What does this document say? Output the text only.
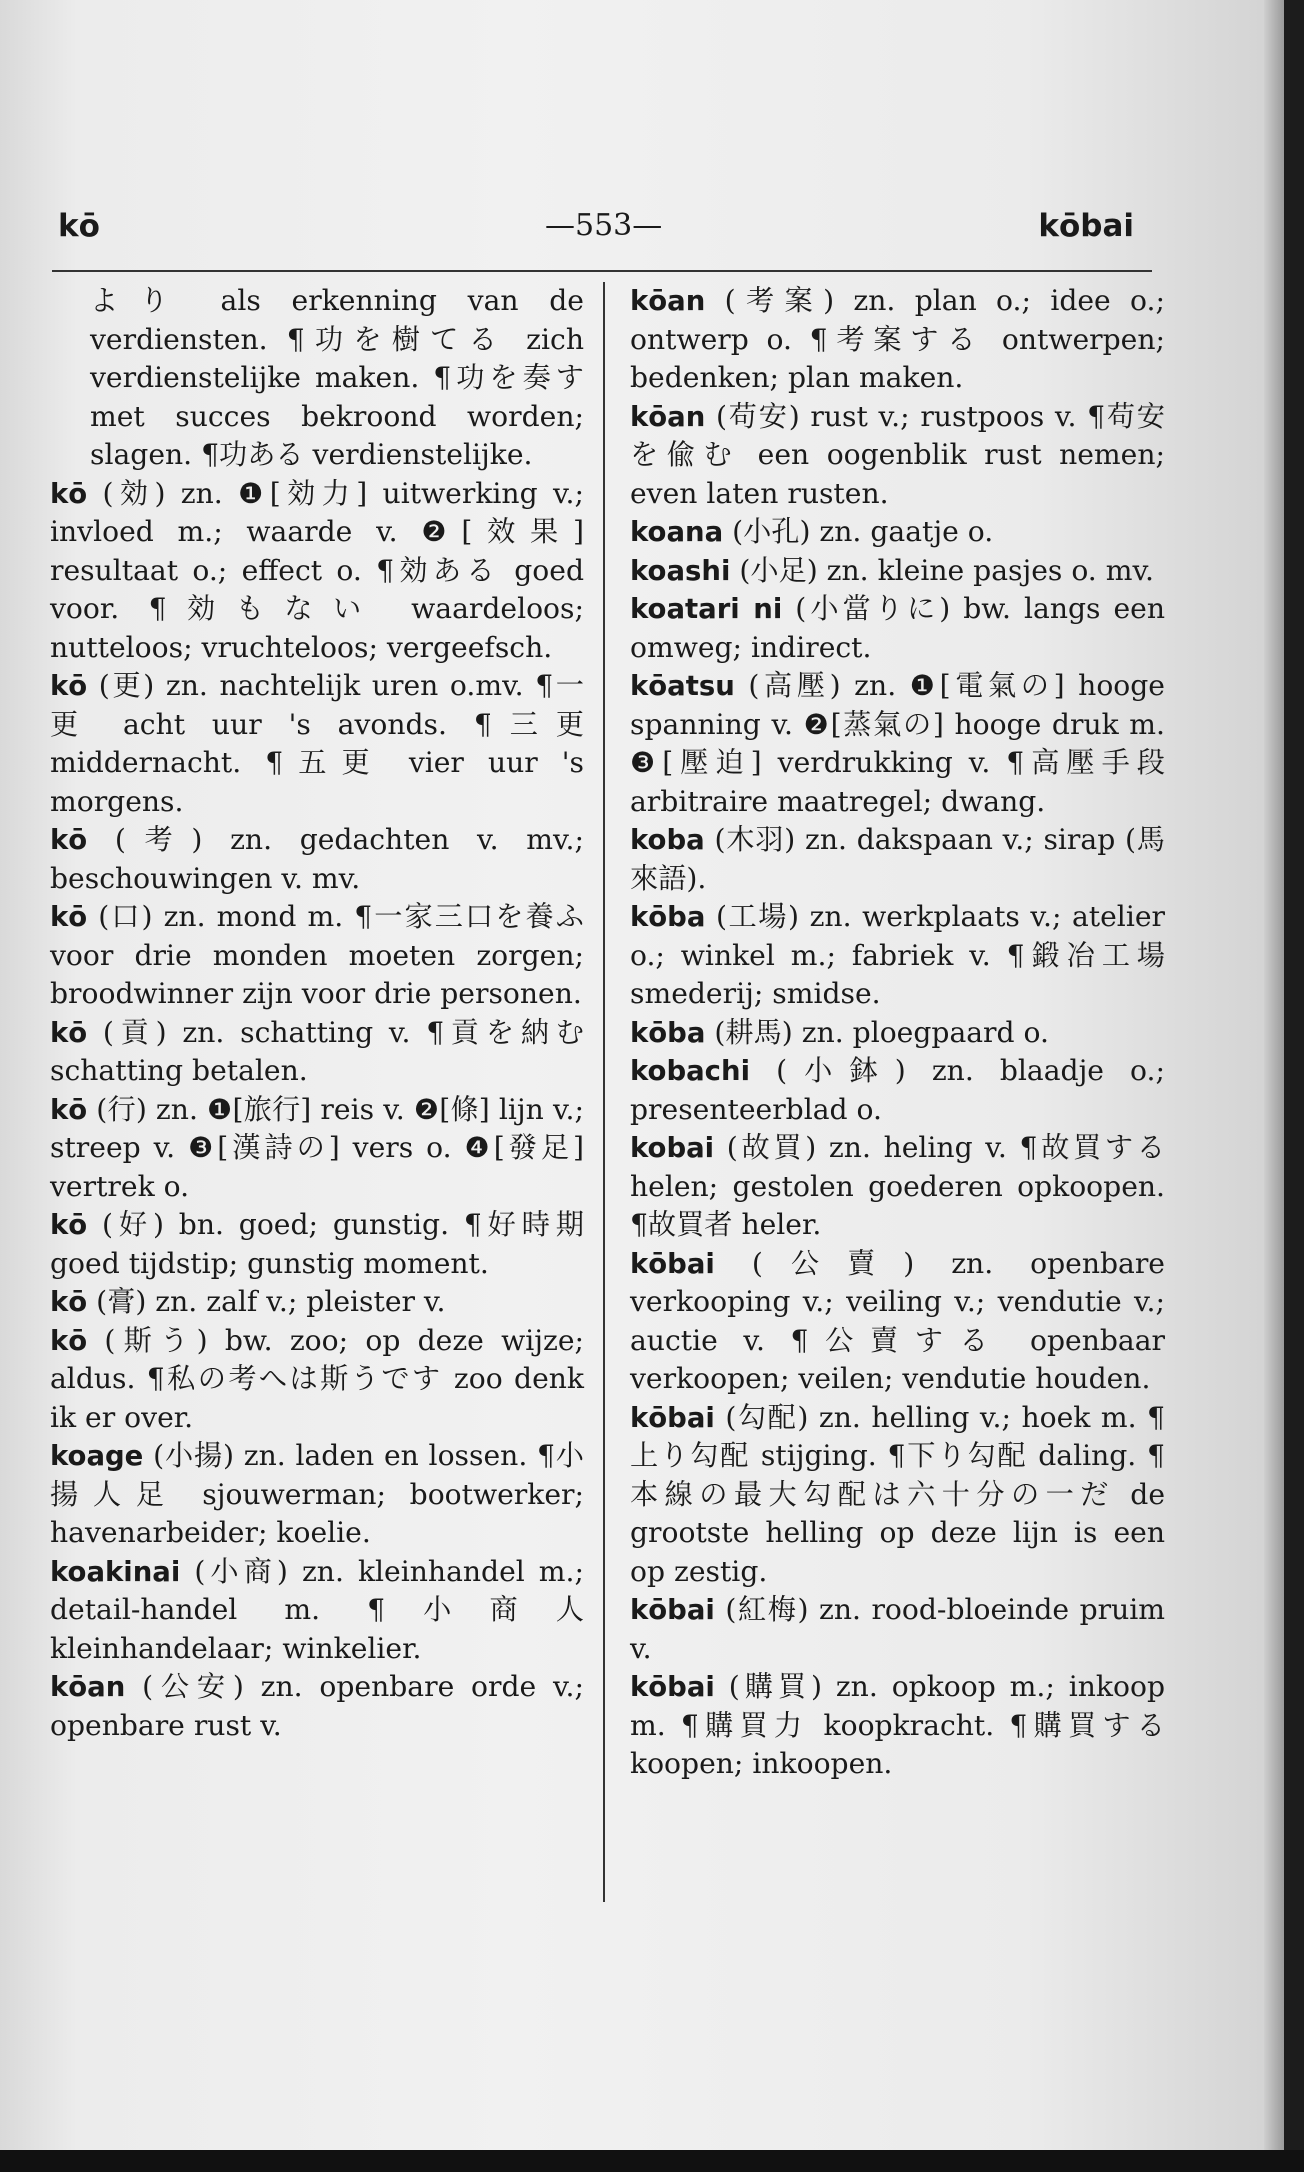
kō	—553—	kōbai

より als erkenning van de verdiensten. ¶功を樹てる zich verdienstelijke maken. ¶功を奏す met succes bekroond worden; slagen. ¶功ある verdienstelijke.

kō (効) zn. ❶[効力] uitwerking v.; invloed m.; waarde v. ❷[效果] resultaat o.; effect o. ¶効ある goed voor. ¶効もない waardeloos; nutteloos; vruchteloos; vergeefsch.

kō (更) zn. nachtelijk uren o.mv. ¶一更 acht uur 's avonds. ¶三更 middernacht. ¶五更 vier uur 's morgens.

kō (考) zn. gedachten v. mv.; beschouwingen v. mv.

kō (口) zn. mond m. ¶一家三口を養ふ voor drie monden moeten zorgen; broodwinner zijn voor drie personen.

kō (貢) zn. schatting v. ¶貢を納む schatting betalen.

kō (行) zn. ❶[旅行] reis v. ❷[條] lijn v.; streep v. ❸[漢詩の] vers o. ❹[發足] vertrek o.

kō (好) bn. goed; gunstig. ¶好時期 goed tijdstip; gunstig moment.

kō (膏) zn. zalf v.; pleister v.

kō (斯う) bw. zoo; op deze wijze; aldus. ¶私の考へは斯うです zoo denk ik er over.

koage (小揚) zn. laden en lossen. ¶小揚人足 sjouwerman; bootwerker; havenarbeider; koelie.

koakinai (小商) zn. kleinhandel m.; detail-handel m. ¶小商人 kleinhandelaar; winkelier.

kōan (公安) zn. openbare orde v.; openbare rust v.

kōan (考案) zn. plan o.; idee o.; ontwerp o. ¶考案する ontwerpen; bedenken; plan maken.

kōan (苟安) rust v.; rustpoos v. ¶苟安を偸む een oogenblik rust nemen; even laten rusten.

koana (小孔) zn. gaatje o.

koashi (小足) zn. kleine pasjes o. mv.

koatari ni (小當りに) bw. langs een omweg; indirect.

kōatsu (高壓) zn. ❶[電氣の] hooge spanning v. ❷[蒸氣の] hooge druk m. ❸[壓迫] verdrukking v. ¶高壓手段 arbitraire maatregel; dwang.

koba (木羽) zn. dakspaan v.; sirap (馬來語).

kōba (工場) zn. werkplaats v.; atelier o.; winkel m.; fabriek v. ¶鍛冶工場 smederij; smidse.

kōba (耕馬) zn. ploegpaard o.

kobachi (小鉢) zn. blaadje o.; presenteerblad o.

kobai (故買) zn. heling v. ¶故買する helen; gestolen goederen opkoopen. ¶故買者 heler.

kōbai (公賣) zn. openbare verkooping v.; veiling v.; vendutie v.; auctie v. ¶公賣する openbaar verkoopen; veilen; vendutie houden.

kōbai (勾配) zn. helling v.; hoek m. ¶上り勾配 stijging. ¶下り勾配 daling. ¶本線の最大勾配は六十分の一だ de grootste helling op deze lijn is een op zestig.

kōbai (紅梅) zn. rood-bloeinde pruim v.

kōbai (購買) zn. opkoop m.; inkoop m. ¶購買力 koopkracht. ¶購買する koopen; inkoopen.
